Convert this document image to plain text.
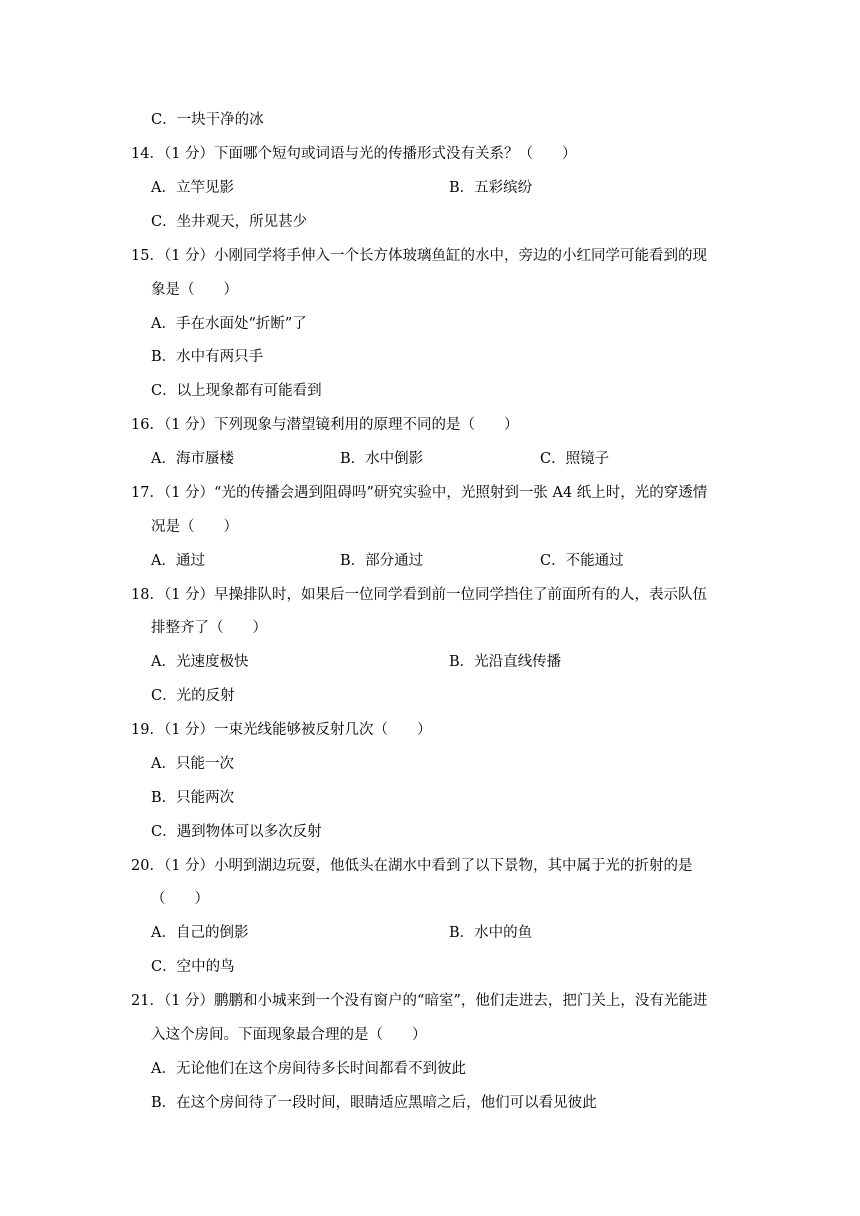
C．一块干净的冰
14．（1 分）下面哪个短句或词语与光的传播形式没有关系？（　　）
A．立竿见影	B．五彩缤纷
C．坐井观天，所见甚少
15．（1 分）小刚同学将手伸入一个长方体玻璃鱼缸的水中，旁边的小红同学可能看到的现
象是（　　）
A．手在水面处“折断”了
B．水中有两只手
C．以上现象都有可能看到
16．（1 分）下列现象与潜望镜利用的原理不同的是（　　）
A．海市蜃楼	B．水中倒影	C．照镜子
17．（1 分）“光的传播会遇到阻碍吗”研究实验中，光照射到一张 A4 纸上时，光的穿透情
况是（　　）
A．通过	B．部分通过	C．不能通过
18．（1 分）早操排队时，如果后一位同学看到前一位同学挡住了前面所有的人，表示队伍
排整齐了（　　）
A．光速度极快	B．光沿直线传播
C．光的反射
19．（1 分）一束光线能够被反射几次（　　）
A．只能一次
B．只能两次
C．遇到物体可以多次反射
20．（1 分）小明到湖边玩耍，他低头在湖水中看到了以下景物，其中属于光的折射的是
（　　）
A．自己的倒影	B．水中的鱼
C．空中的鸟
21．（1 分）鹏鹏和小城来到一个没有窗户的“暗室”，他们走进去，把门关上，没有光能进
入这个房间。下面现象最合理的是（　　）
A．无论他们在这个房间待多长时间都看不到彼此
B．在这个房间待了一段时间，眼睛适应黑暗之后，他们可以看见彼此
